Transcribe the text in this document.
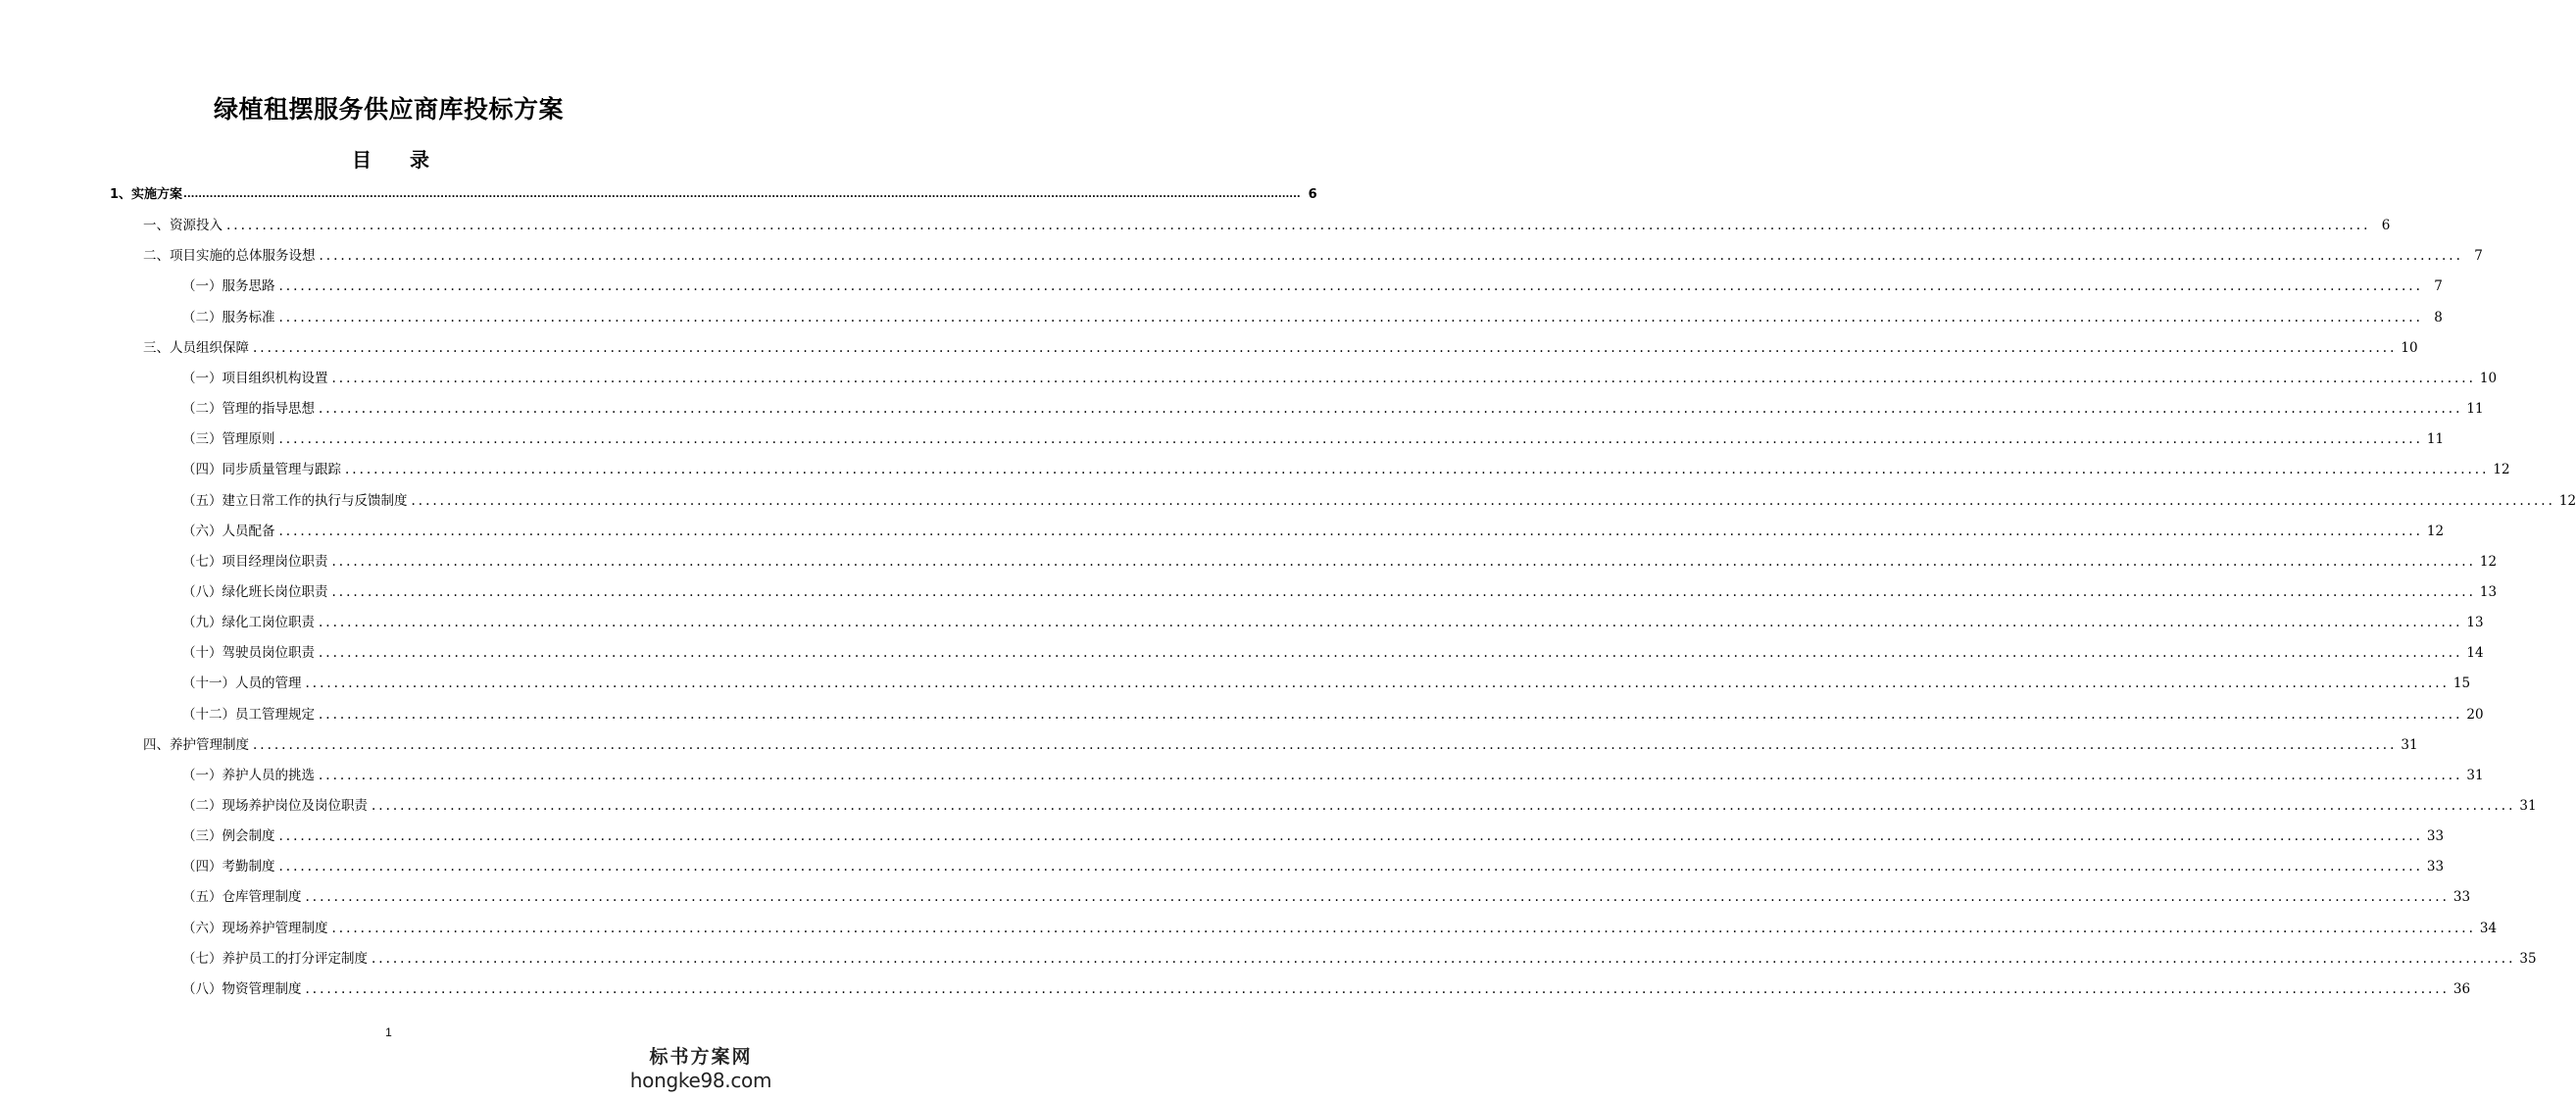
绿植租摆服务供应商库投标方案
目 录
1、实施方案 ............................................................................................................................................................................................................................................................................................................ 6
一、资源投入 ............................................................................................................................................................................................................................................................................................................ 6
二、项目实施的总体服务设想 ............................................................................................................................................................................................................................................................................................................ 7
（一）服务思路 ............................................................................................................................................................................................................................................................................................................ 7
（二）服务标准 ............................................................................................................................................................................................................................................................................................................ 8
三、人员组织保障 ............................................................................................................................................................................................................................................................................................................ 10
（一）项目组织机构设置 ............................................................................................................................................................................................................................................................................................................ 10
（二）管理的指导思想 ............................................................................................................................................................................................................................................................................................................ 11
（三）管理原则 ............................................................................................................................................................................................................................................................................................................ 11
（四）同步质量管理与跟踪 ............................................................................................................................................................................................................................................................................................................ 12
（五）建立日常工作的执行与反馈制度 ............................................................................................................................................................................................................................................................................................................ 12
（六）人员配备 ............................................................................................................................................................................................................................................................................................................ 12
（七）项目经理岗位职责 ............................................................................................................................................................................................................................................................................................................ 12
（八）绿化班长岗位职责 ............................................................................................................................................................................................................................................................................................................ 13
（九）绿化工岗位职责 ............................................................................................................................................................................................................................................................................................................ 13
（十）驾驶员岗位职责 ............................................................................................................................................................................................................................................................................................................ 14
（十一）人员的管理 ............................................................................................................................................................................................................................................................................................................ 15
（十二）员工管理规定 ............................................................................................................................................................................................................................................................................................................ 20
四、养护管理制度 ............................................................................................................................................................................................................................................................................................................ 31
（一）养护人员的挑选 ............................................................................................................................................................................................................................................................................................................ 31
（二）现场养护岗位及岗位职责 ............................................................................................................................................................................................................................................................................................................ 31
（三）例会制度 ............................................................................................................................................................................................................................................................................................................ 33
（四）考勤制度 ............................................................................................................................................................................................................................................................................................................ 33
（五）仓库管理制度 ............................................................................................................................................................................................................................................................................................................ 33
（六）现场养护管理制度 ............................................................................................................................................................................................................................................................................................................ 34
（七）养护员工的打分评定制度 ............................................................................................................................................................................................................................................................................................................ 35
（八）物资管理制度 ............................................................................................................................................................................................................................................................................................................ 36
1
标书方案网
hongke98.com
